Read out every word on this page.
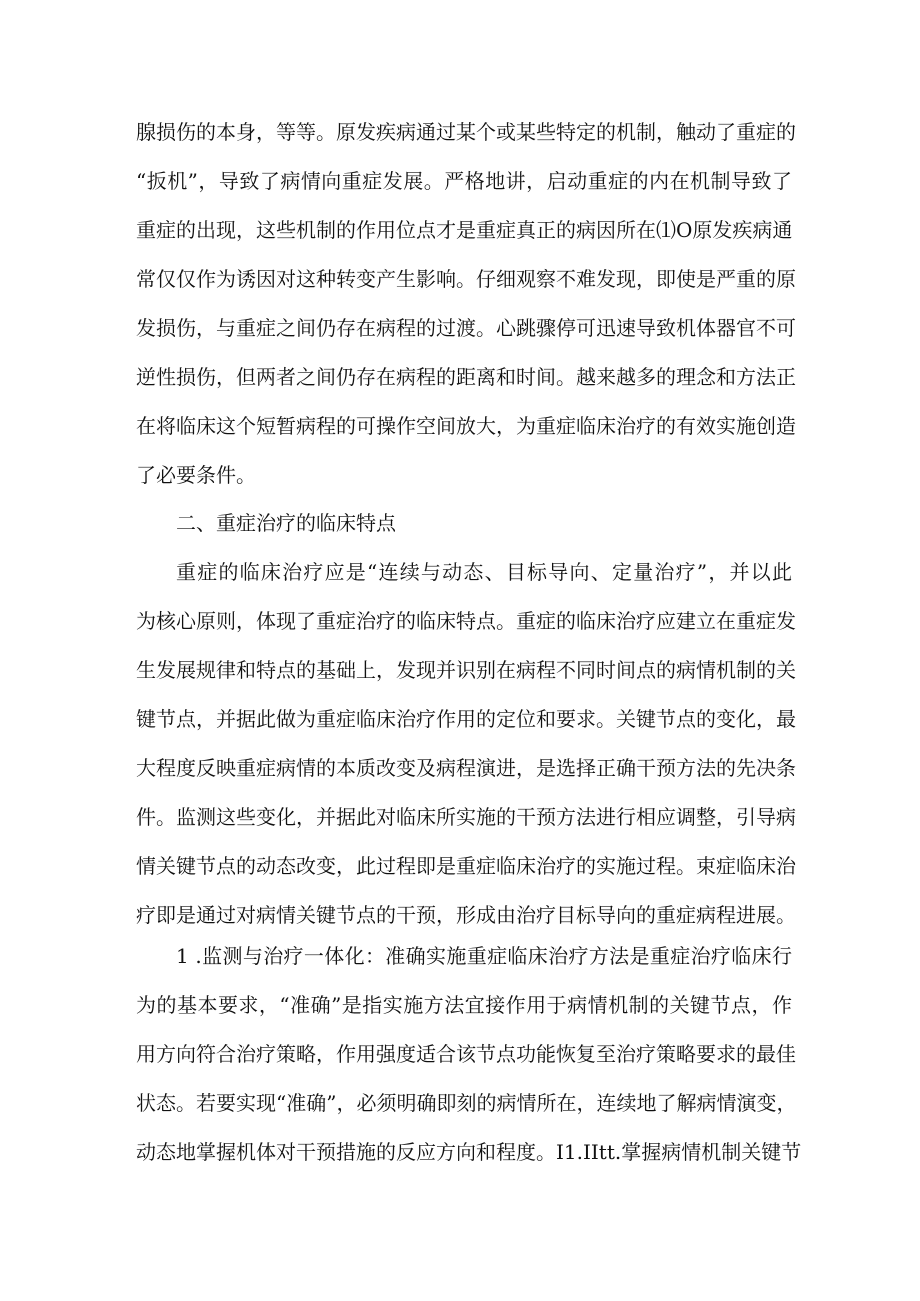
腺损伤的本身，等等。原发疾病通过某个或某些特定的机制，触动了重症的
“扳机”，导致了病情向重症发展。严格地讲，启动重症的内在机制导致了
重症的出现，这些机制的作用位点才是重症真正的病因所在⑴O原发疾病通
常仅仅作为诱因对这种转变产生影响。仔细观察不难发现，即使是严重的原
发损伤，与重症之间仍存在病程的过渡。心跳骤停可迅速导致机体器官不可
逆性损伤，但两者之间仍存在病程的距离和时间。越来越多的理念和方法正
在将临床这个短暂病程的可操作空间放大，为重症临床治疗的有效实施创造
了必要条件。
二、重症治疗的临床特点
重症的临床治疗应是“连续与动态、目标导向、定量治疗”，并以此
为核心原则，体现了重症治疗的临床特点。重症的临床治疗应建立在重症发
生发展规律和特点的基础上，发现并识别在病程不同时间点的病情机制的关
键节点，并据此做为重症临床治疗作用的定位和要求。关键节点的变化，最
大程度反映重症病情的本质改变及病程演进，是选择正确干预方法的先决条
件。监测这些变化，并据此对临床所实施的干预方法进行相应调整，引导病
情关键节点的动态改变，此过程即是重症临床治疗的实施过程。束症临床治
疗即是通过对病情关键节点的干预，形成由治疗目标导向的重症病程进展。
1 .监测与治疗一体化：准确实施重症临床治疗方法是重症治疗临床行
为的基本要求，“准确”是指实施方法宜接作用于病情机制的关键节点，作
用方向符合治疗策略，作用强度适合该节点功能恢复至治疗策略要求的最佳
状态。若要实现“准确”，必须明确即刻的病情所在，连续地了解病情演变，
动态地掌握机体对干预措施的反应方向和程度。I1.IItt.掌握病情机制关键节
